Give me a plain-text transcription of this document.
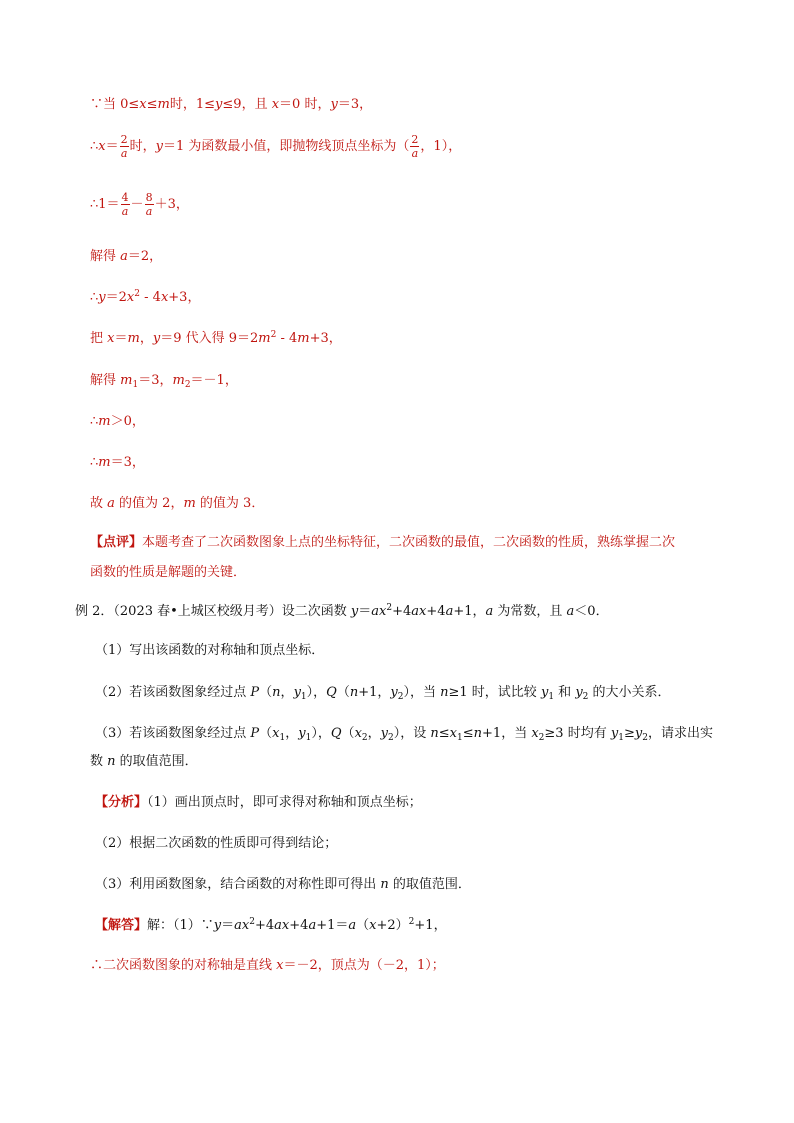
∵当 0≤x≤m时，1≤y≤9，且 x＝0 时，y＝3，
∴x＝ $\frac{2}{a}$ 时，y＝1 为函数最小值，即抛物线顶点坐标为（ $\frac{2}{a}$ ，1），
∴1＝ $\frac{4}{a} - \frac{8}{a} +3$，
解得 a＝2，
$\therefore y=2x^2 - 4x+3$，
把 x＝m，y＝9 代入得 $9=2m^2 - 4m+3$，
解得 $m_1=3$，$m_2=-1$，
∴m＞0，
∴m＝3，
故 a 的值为 2，m 的值为 3．
【点评】本题考查了二次函数图象上点的坐标特征，二次函数的最值，二次函数的性质，熟练掌握二次
函数的性质是解题的关键．
例 2．（2023 春•上城区校级月考）设二次函数 $y=ax^2+4ax+4a+1$，a 为常数，且 a＜0．
（1）写出该函数的对称轴和顶点坐标．
（2）若该函数图象经过点 P（n，$y_1$），Q（n+1，$y_2$），当 n≥1 时，试比较 $y_1$ 和 $y_2$ 的大小关系．
（3）若该函数图象经过点 $P(x_1$，$y_1$），$Q(x_2$，$y_2$），设 $n\le x_1\le n+1$，当 $x_2\ge 3$ 时均有 $y_1\ge y_2$，请求出实
数 n 的取值范围．
【分析】（1）画出顶点时，即可求得对称轴和顶点坐标；
（2）根据二次函数的性质即可得到结论；
（3）利用函数图象，结合函数的对称性即可得出 n 的取值范围．
【解答】解：$(1)\because y=ax^2+4ax+4a+1=a(x+2)^2+1$，
∴二次函数图象的对称轴是直线 x＝－2，顶点为（－2，1）；
